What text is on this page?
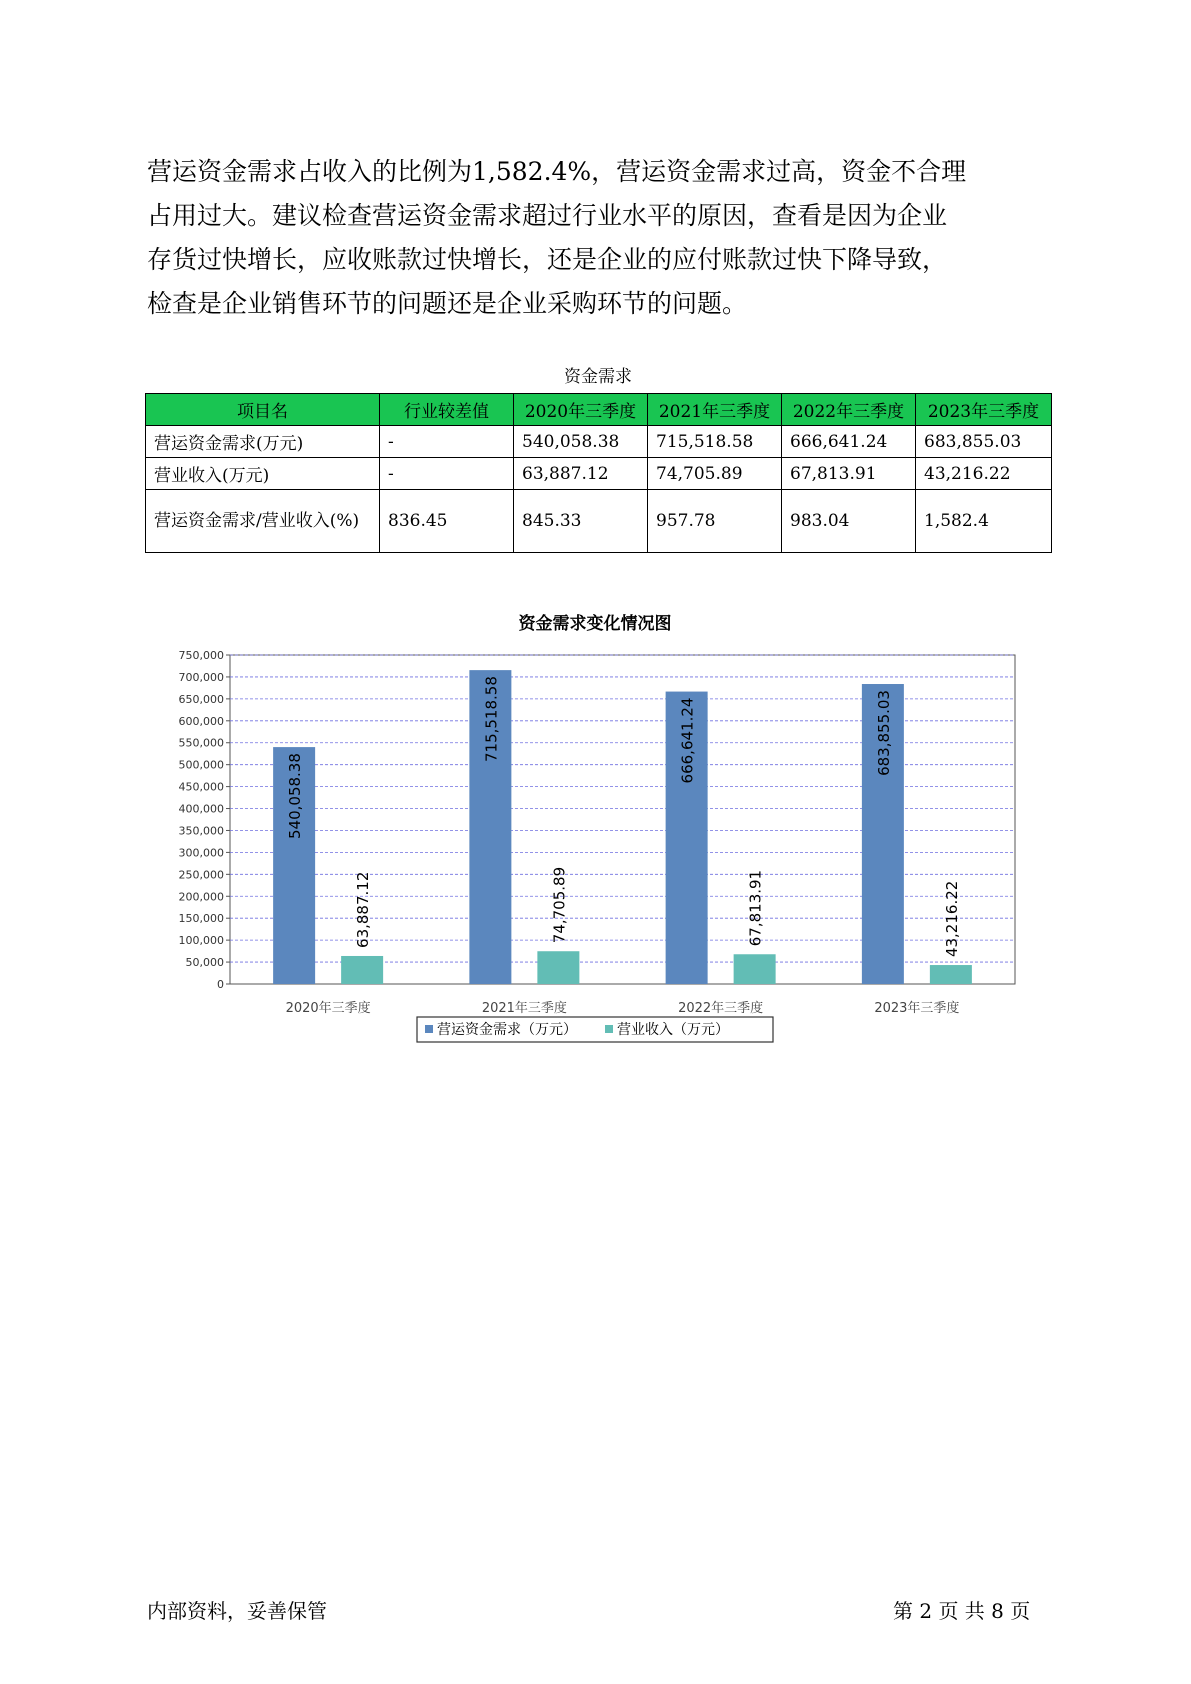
营运资金需求占收入的比例为1,582.4%，营运资金需求过高，资金不合理
占用过大。建议检查营运资金需求超过行业水平的原因，查看是因为企业
存货过快增长，应收账款过快增长，还是企业的应付账款过快下降导致，
检查是企业销售环节的问题还是企业采购环节的问题。
资金需求
项目名	行业较差值	2020年三季度	2021年三季度	2022年三季度	2023年三季度
营运资金需求(万元)	-	540,058.38	715,518.58	666,641.24	683,855.03
营业收入(万元)	-	63,887.12	74,705.89	67,813.91	43,216.22
营运资金需求/营业收入(%)	836.45	845.33	957.78	983.04	1,582.4
资金需求变化情况图
0
50,000
100,000
150,000
200,000
250,000
300,000
350,000
400,000
450,000
500,000
550,000
600,000
650,000
700,000
750,000
540,058.38
63,887.12
2020年三季度
715,518.58
74,705.89
2021年三季度
666,641.24
67,813.91
2022年三季度
683,855.03
43,216.22
2023年三季度
营运资金需求（万元）	营业收入（万元）
内部资料，妥善保管	第 2 页 共 8 页
